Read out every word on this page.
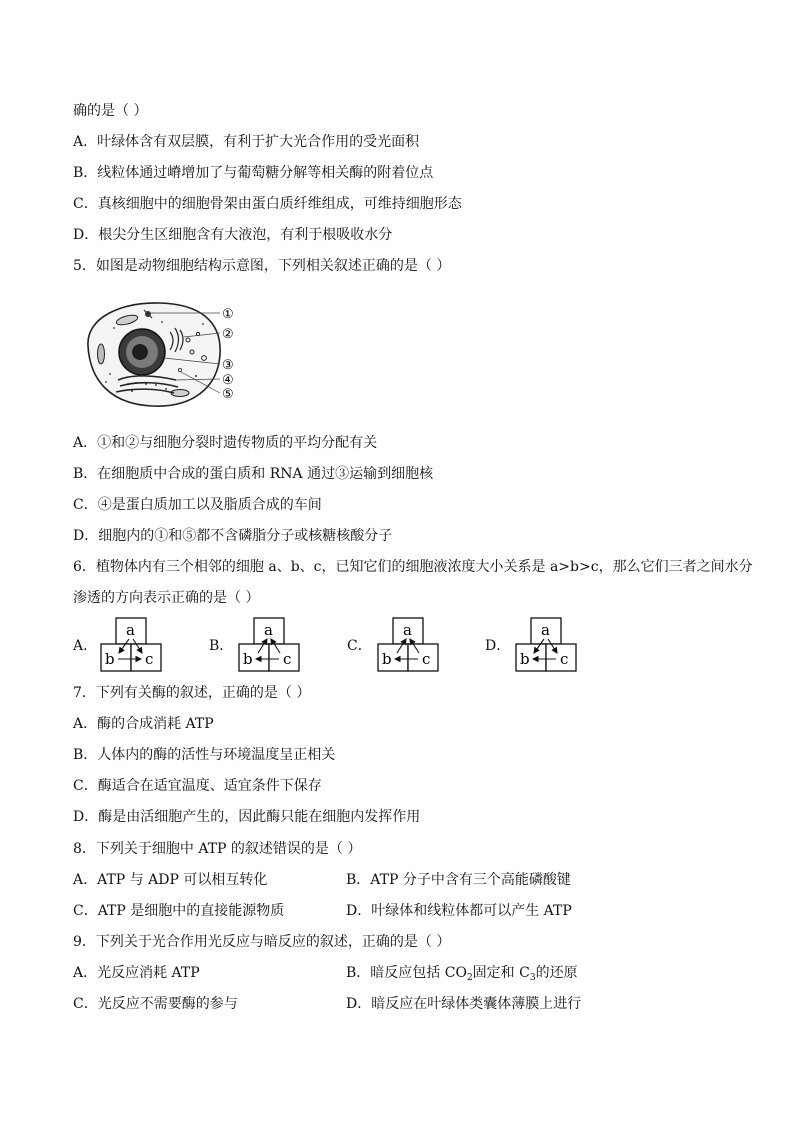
确的是（ ）
A．叶绿体含有双层膜，有利于扩大光合作用的受光面积
B．线粒体通过嵴增加了与葡萄糖分解等相关酶的附着位点
C．真核细胞中的细胞骨架由蛋白质纤维组成，可维持细胞形态
D．根尖分生区细胞含有大液泡，有利于根吸收水分
5．如图是动物细胞结构示意图，下列相关叙述正确的是（ ）
①
②
③
④
⑤
A．①和②与细胞分裂时遗传物质的平均分配有关
B．在细胞质中合成的蛋白质和 RNA 通过③运输到细胞核
C．④是蛋白质加工以及脂质合成的车间
D．细胞内的①和⑤都不含磷脂分子或核糖核酸分子
6．植物体内有三个相邻的细胞 a、b、c，已知它们的细胞液浓度大小关系是 a>b>c，那么它们三者之间水分
渗透的方向表示正确的是（ ）
A．
a
b c
B．
a
b c
C．
a
b c
D．
a
b c
7．下列有关酶的叙述，正确的是（ ）
A．酶的合成消耗 ATP
B．人体内的酶的活性与环境温度呈正相关
C．酶适合在适宜温度、适宜条件下保存
D．酶是由活细胞产生的，因此酶只能在细胞内发挥作用
8．下列关于细胞中 ATP 的叙述错误的是（ ）
A．ATP 与 ADP 可以相互转化	B．ATP 分子中含有三个高能磷酸键
C．ATP 是细胞中的直接能源物质	D．叶绿体和线粒体都可以产生 ATP
9．下列关于光合作用光反应与暗反应的叙述，正确的是（ ）
A．光反应消耗 ATP	B．暗反应包括 $CO_2$固定和 $C_3$的还原
C．光反应不需要酶的参与	D．暗反应在叶绿体类囊体薄膜上进行
